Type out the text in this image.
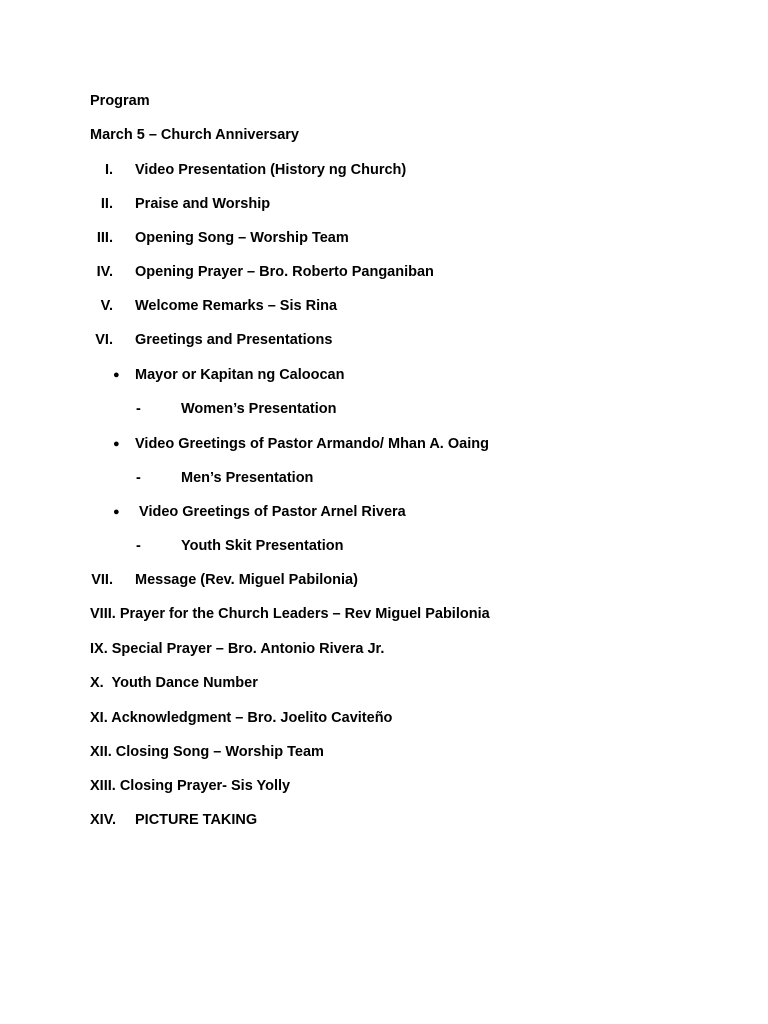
Program
March 5 – Church Anniversary
I. Video Presentation (History ng Church)
II. Praise and Worship
III. Opening Song – Worship Team
IV. Opening Prayer – Bro. Roberto Panganiban
V. Welcome Remarks – Sis Rina
VI. Greetings and Presentations
● Mayor or Kapitan ng Caloocan
-	Women’s Presentation
● Video Greetings of Pastor Armando/ Mhan A. Oaing
-	Men’s Presentation
● Video Greetings of Pastor Arnel Rivera
-	Youth Skit Presentation
VII. Message (Rev. Miguel Pabilonia)
VIII. Prayer for the Church Leaders – Rev Miguel Pabilonia
IX. Special Prayer – Bro. Antonio Rivera Jr.
X.  Youth Dance Number
XI. Acknowledgment – Bro. Joelito Caviteño
XII. Closing Song – Worship Team
XIII. Closing Prayer- Sis Yolly
XIV. PICTURE TAKING
